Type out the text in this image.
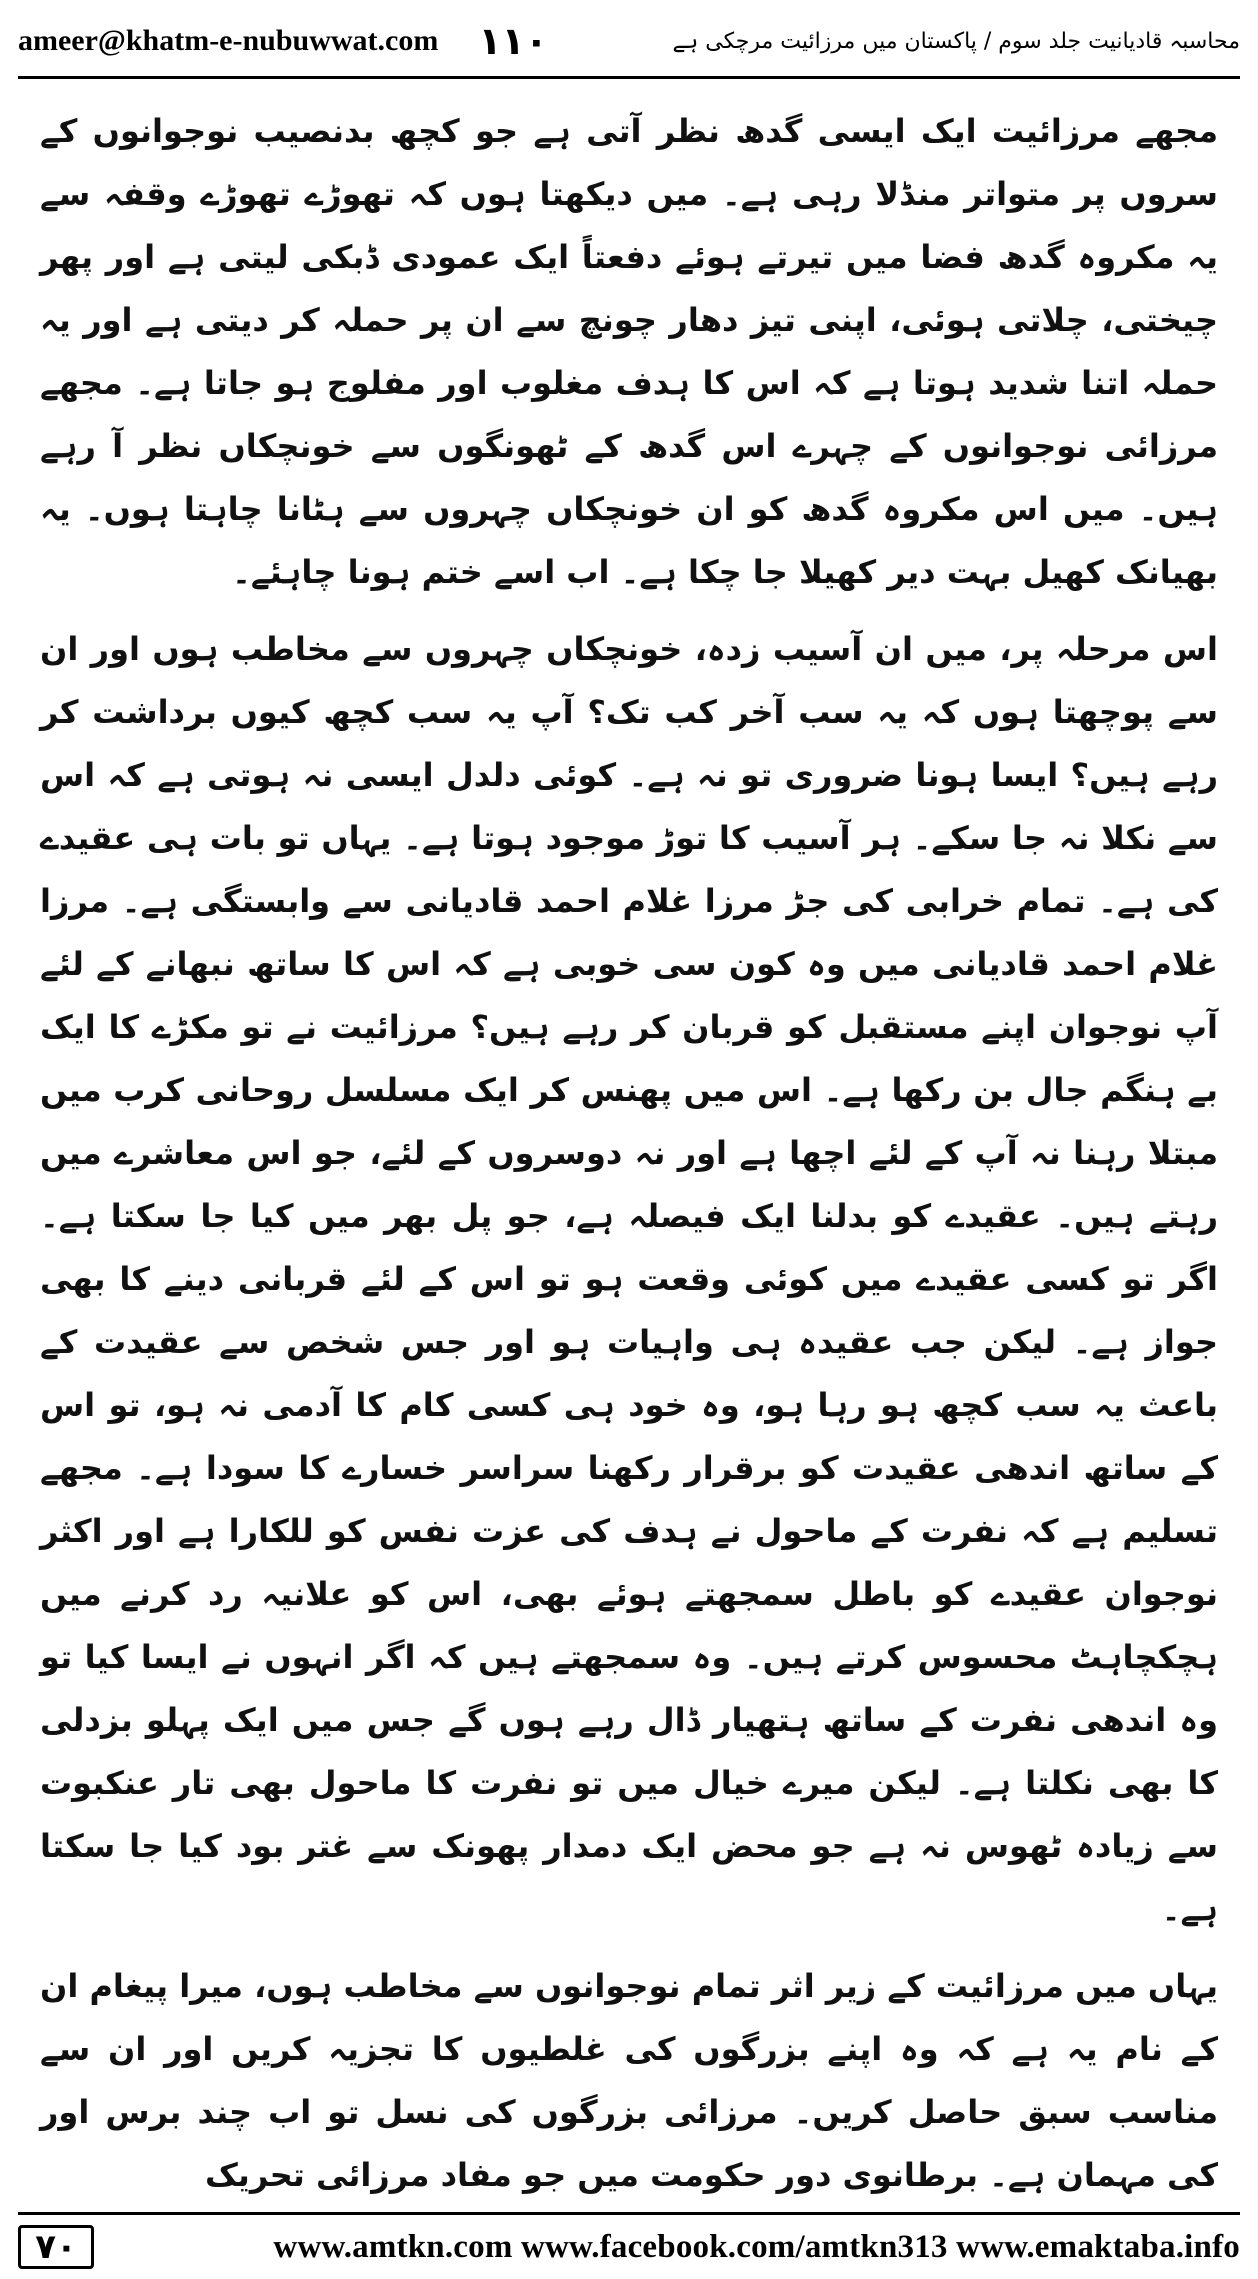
ameer@khatm-e-nubuwwat.com ۱۱۰	محاسبہ قادیانیت جلد سوم / پاکستان میں مرزائیت مرچکی ہے

مجھے مرزائیت ایک ایسی گدھ نظر آتی ہے جو کچھ بدنصیب نوجوانوں کے سروں پر متواتر منڈلا رہی ہے۔ میں دیکھتا ہوں کہ تھوڑے تھوڑے وقفہ سے یہ مکروہ گدھ فضا میں تیرتے ہوئے دفعتاً ایک عمودی ڈبکی لیتی ہے اور پھر چیختی، چلاتی ہوئی، اپنی تیز دھار چونچ سے ان پر حملہ کر دیتی ہے اور یہ حملہ اتنا شدید ہوتا ہے کہ اس کا ہدف مغلوب اور مفلوج ہو جاتا ہے۔ مجھے مرزائی نوجوانوں کے چہرے اس گدھ کے ٹھونگوں سے خونچکاں نظر آ رہے ہیں۔ میں اس مکروہ گدھ کو ان خونچکاں چہروں سے ہٹانا چاہتا ہوں۔ یہ بھیانک کھیل بہت دیر کھیلا جا چکا ہے۔ اب اسے ختم ہونا چاہئے۔

اس مرحلہ پر، میں ان آسیب زدہ، خونچکاں چہروں سے مخاطب ہوں اور ان سے پوچھتا ہوں کہ یہ سب آخر کب تک؟ آپ یہ سب کچھ کیوں برداشت کر رہے ہیں؟ ایسا ہونا ضروری تو نہ ہے۔ کوئی دلدل ایسی نہ ہوتی ہے کہ اس سے نکلا نہ جا سکے۔ ہر آسیب کا توڑ موجود ہوتا ہے۔ یہاں تو بات ہی عقیدے کی ہے۔ تمام خرابی کی جڑ مرزا غلام احمد قادیانی سے وابستگی ہے۔ مرزا غلام احمد قادیانی میں وہ کون سی خوبی ہے کہ اس کا ساتھ نبھانے کے لئے آپ نوجوان اپنے مستقبل کو قربان کر رہے ہیں؟ مرزائیت نے تو مکڑے کا ایک بے ہنگم جال بن رکھا ہے۔ اس میں پھنس کر ایک مسلسل روحانی کرب میں مبتلا رہنا نہ آپ کے لئے اچھا ہے اور نہ دوسروں کے لئے، جو اس معاشرے میں رہتے ہیں۔ عقیدے کو بدلنا ایک فیصلہ ہے، جو پل بھر میں کیا جا سکتا ہے۔ اگر تو کسی عقیدے میں کوئی وقعت ہو تو اس کے لئے قربانی دینے کا بھی جواز ہے۔ لیکن جب عقیدہ ہی واہیات ہو اور جس شخص سے عقیدت کے باعث یہ سب کچھ ہو رہا ہو، وہ خود ہی کسی کام کا آدمی نہ ہو، تو اس کے ساتھ اندھی عقیدت کو برقرار رکھنا سراسر خسارے کا سودا ہے۔ مجھے تسلیم ہے کہ نفرت کے ماحول نے ہدف کی عزت نفس کو للکارا ہے اور اکثر نوجوان عقیدے کو باطل سمجھتے ہوئے بھی، اس کو علانیہ رد کرنے میں ہچکچاہٹ محسوس کرتے ہیں۔ وہ سمجھتے ہیں کہ اگر انہوں نے ایسا کیا تو وہ اندھی نفرت کے ساتھ ہتھیار ڈال رہے ہوں گے جس میں ایک پہلو بزدلی کا بھی نکلتا ہے۔ لیکن میرے خیال میں تو نفرت کا ماحول بھی تار عنکبوت سے زیادہ ٹھوس نہ ہے جو محض ایک دمدار پھونک سے غتر بود کیا جا سکتا ہے۔

یہاں میں مرزائیت کے زیر اثر تمام نوجوانوں سے مخاطب ہوں، میرا پیغام ان کے نام یہ ہے کہ وہ اپنے بزرگوں کی غلطیوں کا تجزیہ کریں اور ان سے مناسب سبق حاصل کریں۔ مرزائی بزرگوں کی نسل تو اب چند برس اور کی مہمان ہے۔ برطانوی دور حکومت میں جو مفاد مرزائی تحریک

۷۰	www.amtkn.com www.facebook.com/amtkn313 www.emaktaba.info
